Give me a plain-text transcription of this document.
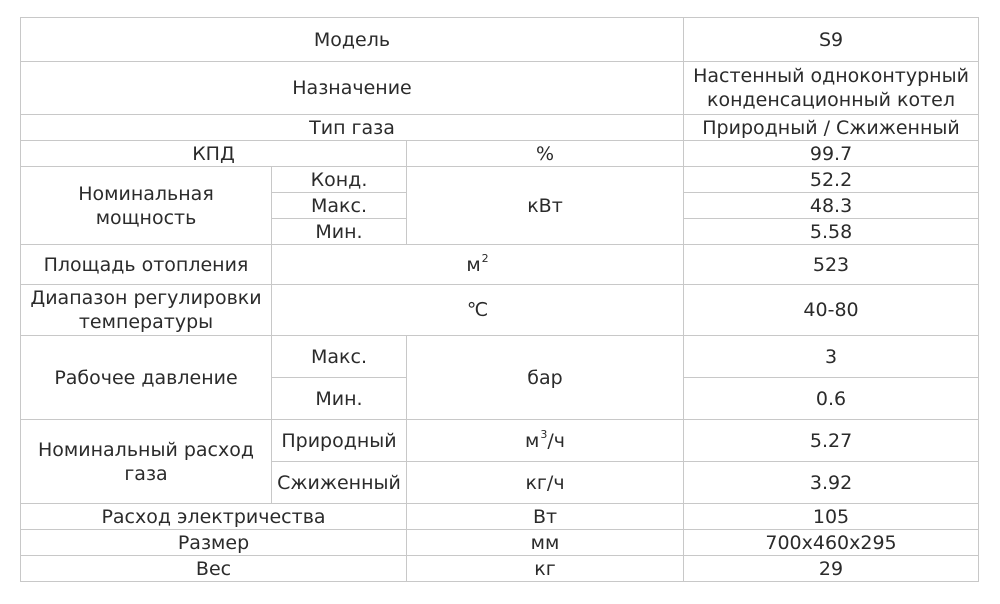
Модель			S9
Назначение			Настенный одноконтурный
конденсационный котел

Тип газа			Природный / Сжиженный
КПД		%	99.7

Номинальная
мощность	Конд.	кВт	52.2
	Макс.		48.3
	Мин.		5.58
Площадь отопления	$м^2$		523

Диапазон регулировки
температуры	℃		40-80
Рабочее давление	Макс.	бар	3
	Мин.		0.6

Номинальный расход
газа	Природный	$м^3/ч$	5.27
	Сжиженный	кг/ч	3.92
Расход электричества		Вт	105
Размер		мм	700x460x295
Вес		кг	29
